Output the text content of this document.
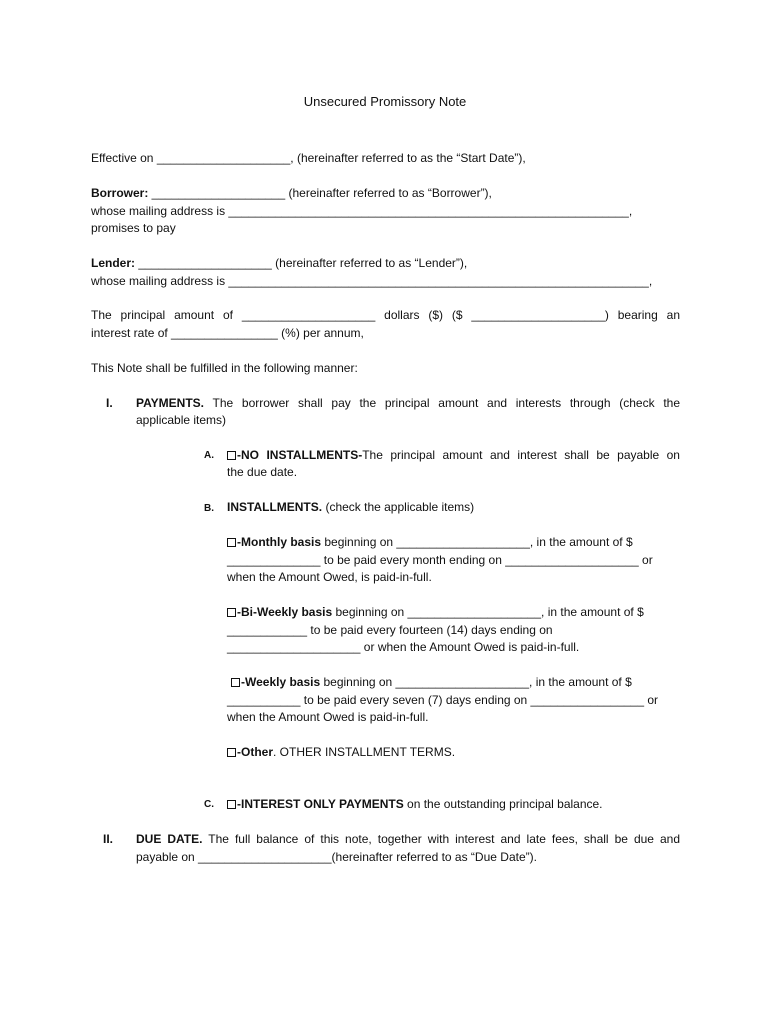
Unsecured Promissory Note
Effective on ____________________, (hereinafter referred to as the “Start Date”),
Borrower: ____________________ (hereinafter referred to as “Borrower”),
whose mailing address is ____________________________________________________________,
promises to pay
Lender: ____________________ (hereinafter referred to as “Lender”),
whose mailing address is _______________________________________________________________,
The principal amount of ____________________ dollars ($) ($ ____________________) bearing an
interest rate of ________________ (%) per annum,
This Note shall be fulfilled in the following manner:
I. PAYMENTS. The borrower shall pay the principal amount and interests through (check the
applicable items)
A.	-NO INSTALLMENTS-The principal amount and interest shall be payable on
the due date.
B. INSTALLMENTS. (check the applicable items)
-Monthly basis beginning on ____________________, in the amount of $
______________ to be paid every month ending on ____________________ or
when the Amount Owed, is paid-in-full.
-Bi-Weekly basis beginning on ____________________, in the amount of $
____________ to be paid every fourteen (14) days ending on
____________________ or when the Amount Owed is paid-in-full.
-Weekly basis beginning on ____________________, in the amount of $
___________ to be paid every seven (7) days ending on _________________ or
when the Amount Owed is paid-in-full.
-Other. OTHER INSTALLMENT TERMS.
C.	-INTEREST ONLY PAYMENTS on the outstanding principal balance.
II. DUE DATE. The full balance of this note, together with interest and late fees, shall be due and
payable on ____________________(hereinafter referred to as “Due Date”).
